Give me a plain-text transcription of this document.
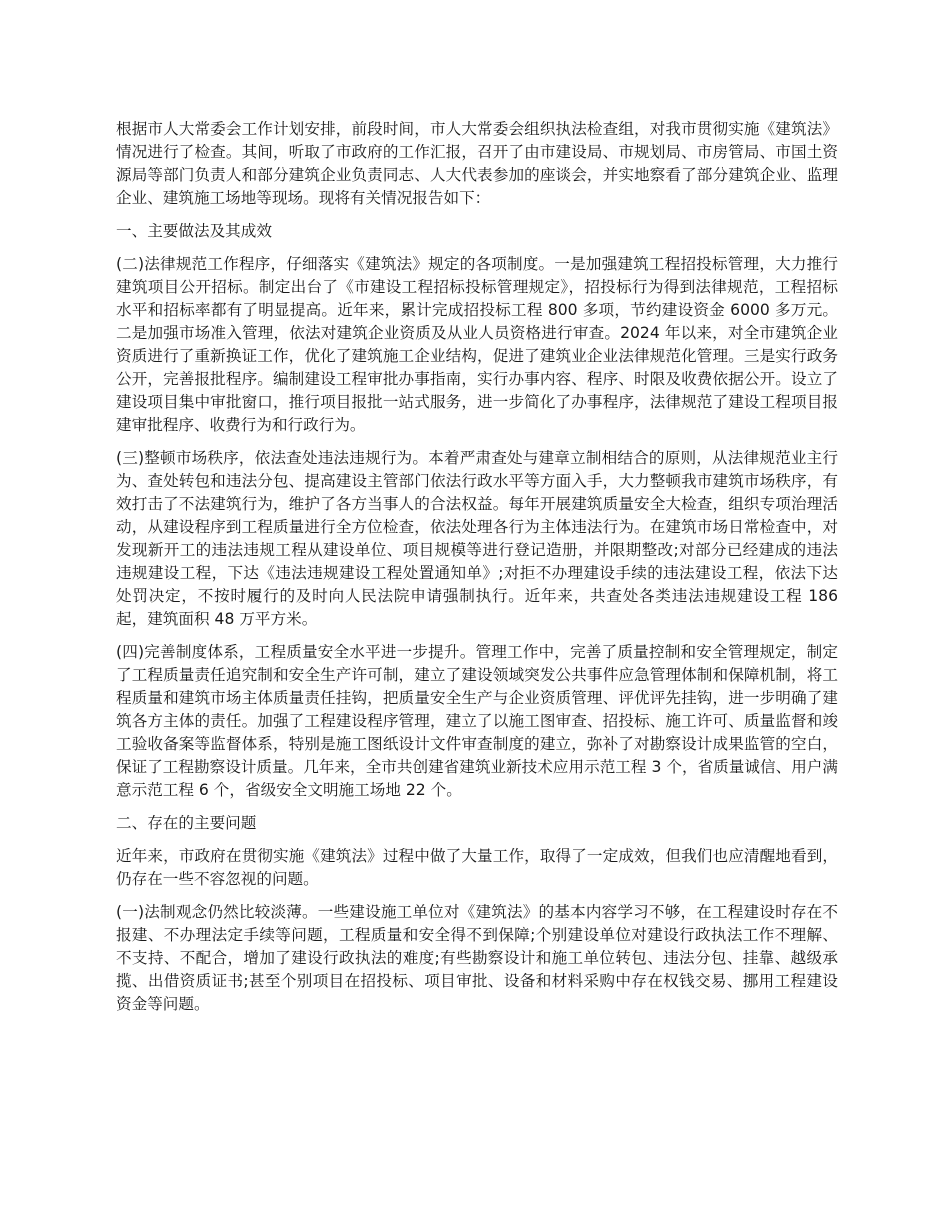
根据市人大常委会工作计划安排，前段时间，市人大常委会组织执法检查组，对我市贯彻实施《建筑法》情况进行了检查。其间，听取了市政府的工作汇报，召开了由市建设局、市规划局、市房管局、市国土资源局等部门负责人和部分建筑企业负责同志、人大代表参加的座谈会，并实地察看了部分建筑企业、监理企业、建筑施工场地等现场。现将有关情况报告如下：

一、主要做法及其成效

(二)法律规范工作程序，仔细落实《建筑法》规定的各项制度。一是加强建筑工程招投标管理，大力推行建筑项目公开招标。制定出台了《市建设工程招标投标管理规定》，招投标行为得到法律规范，工程招标水平和招标率都有了明显提高。近年来，累计完成招投标工程 800 多项，节约建设资金 6000 多万元。二是加强市场准入管理，依法对建筑企业资质及从业人员资格进行审查。2024 年以来，对全市建筑企业资质进行了重新换证工作，优化了建筑施工企业结构，促进了建筑业企业法律规范化管理。三是实行政务公开，完善报批程序。编制建设工程审批办事指南，实行办事内容、程序、时限及收费依据公开。设立了建设项目集中审批窗口，推行项目报批一站式服务，进一步简化了办事程序，法律规范了建设工程项目报建审批程序、收费行为和行政行为。

(三)整顿市场秩序，依法查处违法违规行为。本着严肃查处与建章立制相结合的原则，从法律规范业主行为、查处转包和违法分包、提高建设主管部门依法行政水平等方面入手，大力整顿我市建筑市场秩序，有效打击了不法建筑行为，维护了各方当事人的合法权益。每年开展建筑质量安全大检查，组织专项治理活动，从建设程序到工程质量进行全方位检查，依法处理各行为主体违法行为。在建筑市场日常检查中，对发现新开工的违法违规工程从建设单位、项目规模等进行登记造册，并限期整改;对部分已经建成的违法违规建设工程，下达《违法违规建设工程处置通知单》;对拒不办理建设手续的违法建设工程，依法下达处罚决定，不按时履行的及时向人民法院申请强制执行。近年来，共查处各类违法违规建设工程 186 起，建筑面积 48 万平方米。

(四)完善制度体系，工程质量安全水平进一步提升。管理工作中，完善了质量控制和安全管理规定，制定了工程质量责任追究制和安全生产许可制，建立了建设领域突发公共事件应急管理体制和保障机制，将工程质量和建筑市场主体质量责任挂钩，把质量安全生产与企业资质管理、评优评先挂钩，进一步明确了建筑各方主体的责任。加强了工程建设程序管理，建立了以施工图审查、招投标、施工许可、质量监督和竣工验收备案等监督体系，特别是施工图纸设计文件审查制度的建立，弥补了对勘察设计成果监管的空白，保证了工程勘察设计质量。几年来，全市共创建省建筑业新技术应用示范工程 3 个，省质量诚信、用户满意示范工程 6 个，省级安全文明施工场地 22 个。

二、存在的主要问题

近年来，市政府在贯彻实施《建筑法》过程中做了大量工作，取得了一定成效，但我们也应清醒地看到，仍存在一些不容忽视的问题。

(一)法制观念仍然比较淡薄。一些建设施工单位对《建筑法》的基本内容学习不够，在工程建设时存在不报建、不办理法定手续等问题，工程质量和安全得不到保障;个别建设单位对建设行政执法工作不理解、不支持、不配合，增加了建设行政执法的难度;有些勘察设计和施工单位转包、违法分包、挂靠、越级承揽、出借资质证书;甚至个别项目在招投标、项目审批、设备和材料采购中存在权钱交易、挪用工程建设资金等问题。
